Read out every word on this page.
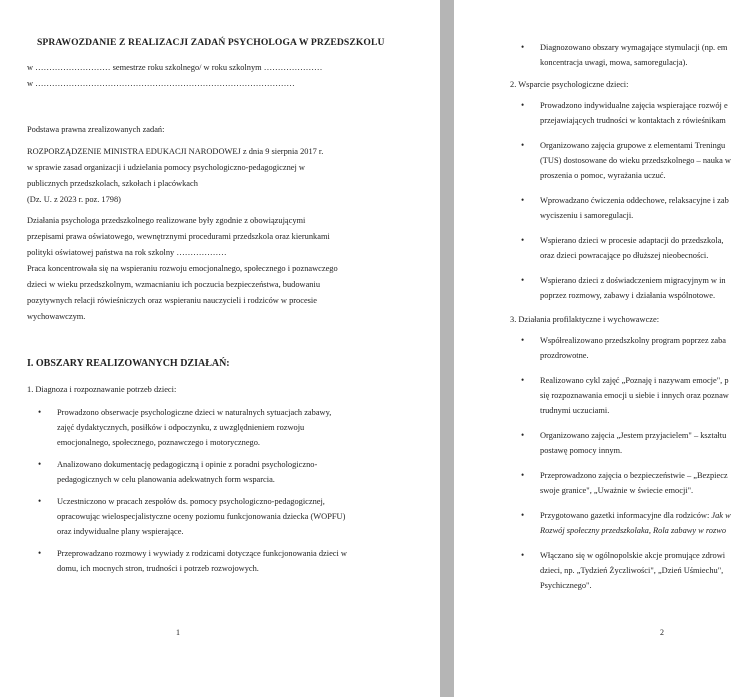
SPRAWOZDANIE Z REALIZACJI ZADAŃ PSYCHOLOGA W PRZEDSZKOLU
w ……………………… semestrze roku szkolnego/ w roku szkolnym …………………
w …………………………………………………………………………………
Podstawa prawna zrealizowanych zadań:
ROZPORZĄDZENIE MINISTRA EDUKACJI NARODOWEJ z dnia 9 sierpnia 2017 r.
w sprawie zasad organizacji i udzielania pomocy psychologiczno-pedagogicznej w
publicznych przedszkolach, szkołach i placówkach
(Dz. U. z 2023 r. poz. 1798)
Działania psychologa przedszkolnego realizowane były zgodnie z obowiązującymi
przepisami prawa oświatowego, wewnętrznymi procedurami przedszkola oraz kierunkami
polityki oświatowej państwa na rok szkolny ………………
Praca koncentrowała się na wspieraniu rozwoju emocjonalnego, społecznego i poznawczego
dzieci w wieku przedszkolnym, wzmacnianiu ich poczucia bezpieczeństwa, budowaniu
pozytywnych relacji rówieśniczych oraz wspieraniu nauczycieli i rodziców w procesie
wychowawczym.
I. OBSZARY REALIZOWANYCH DZIAŁAŃ:
1. Diagnoza i rozpoznawanie potrzeb dzieci:
• Prowadzono obserwacje psychologiczne dzieci w naturalnych sytuacjach zabawy,
zajęć dydaktycznych, posiłków i odpoczynku, z uwzględnieniem rozwoju
emocjonalnego, społecznego, poznawczego i motorycznego.
• Analizowano dokumentację pedagogiczną i opinie z poradni psychologiczno-
pedagogicznych w celu planowania adekwatnych form wsparcia.
• Uczestniczono w pracach zespołów ds. pomocy psychologiczno-pedagogicznej,
opracowując wielospecjalistyczne oceny poziomu funkcjonowania dziecka (WOPFU)
oraz indywidualne plany wspierające.
• Przeprowadzano rozmowy i wywiady z rodzicami dotyczące funkcjonowania dzieci w
domu, ich mocnych stron, trudności i potrzeb rozwojowych.
1
• Diagnozowano obszary wymagające stymulacji (np. em
koncentracja uwagi, mowa, samoregulacja).
2. Wsparcie psychologiczne dzieci:
• Prowadzono indywidualne zajęcia wspierające rozwój e
przejawiających trudności w kontaktach z rówieśnikam
• Organizowano zajęcia grupowe z elementami Treningu
(TUS) dostosowane do wieku przedszkolnego – nauka w
proszenia o pomoc, wyrażania uczuć.
• Wprowadzano ćwiczenia oddechowe, relaksacyjne i zab
wyciszeniu i samoregulacji.
• Wspierano dzieci w procesie adaptacji do przedszkola,
oraz dzieci powracające po dłuższej nieobecności.
• Wspierano dzieci z doświadczeniem migracyjnym w in
poprzez rozmowy, zabawy i działania wspólnotowe.
3. Działania profilaktyczne i wychowawcze:
• Współrealizowano przedszkolny program poprzez zaba
prozdrowotne.
• Realizowano cykl zajęć „Poznaję i nazywam emocje", p
się rozpoznawania emocji u siebie i innych oraz poznaw
trudnymi uczuciami.
• Organizowano zajęcia „Jestem przyjacielem" – kształtu
postawę pomocy innym.
• Przeprowadzono zajęcia o bezpieczeństwie – „Bezpiecz
swoje granice", „Uważnie w świecie emocji".
• Przygotowano gazetki informacyjne dla rodziców: Jak w
Rozwój społeczny przedszkolaka, Rola zabawy w rozwo
• Włączano się w ogólnopolskie akcje promujące zdrowi
dzieci, np. „Tydzień Życzliwości", „Dzień Uśmiechu",
Psychicznego".
2
